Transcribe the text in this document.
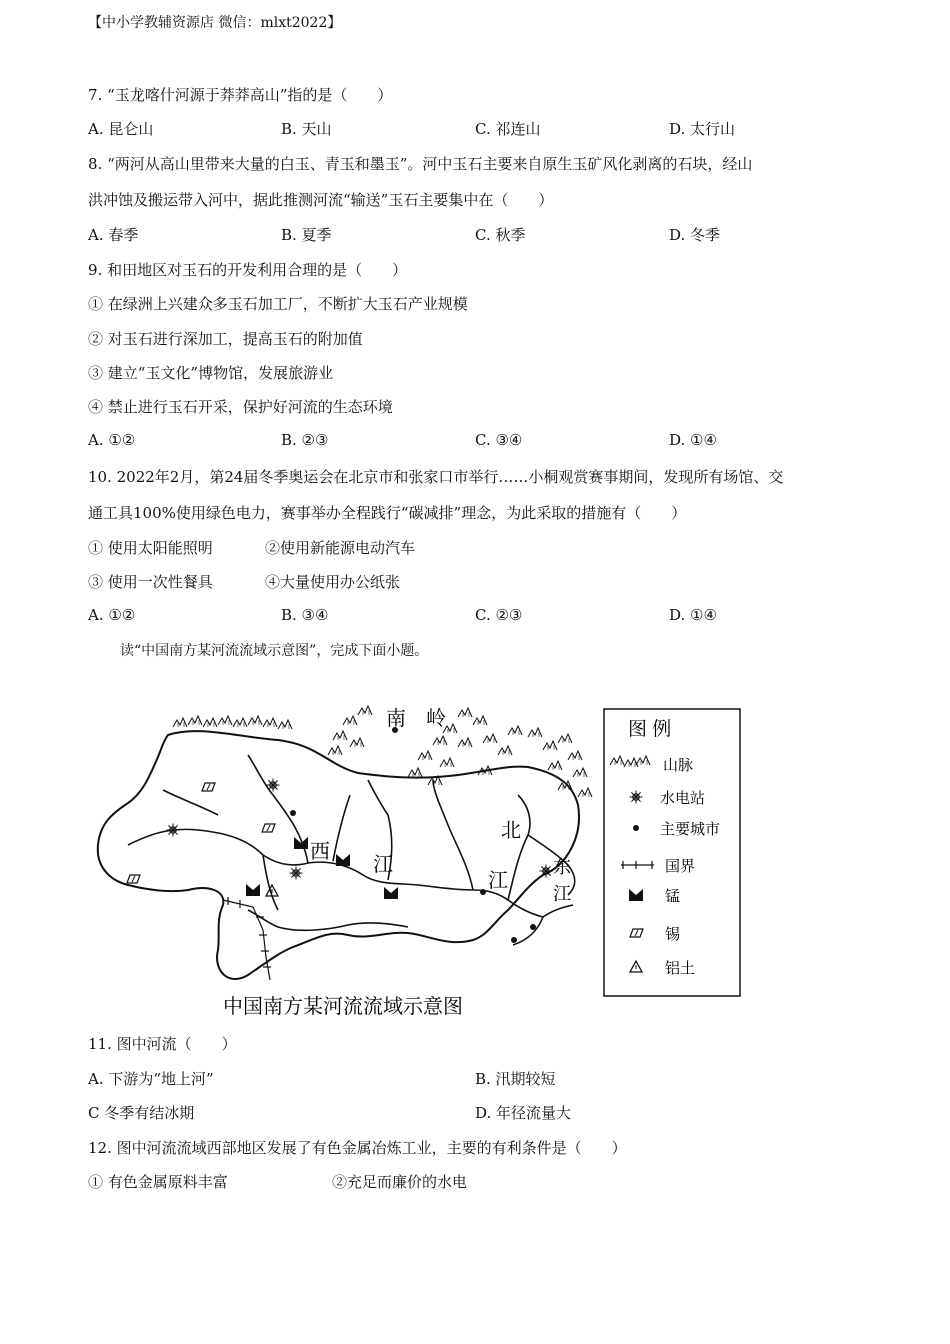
【中小学教辅资源店 微信：mlxt2022】
7. “玉龙喀什河源于莽莽高山”指的是（　　）
A. 昆仑山	B. 天山	C. 祁连山	D. 太行山
8. “两河从高山里带来大量的白玉、青玉和墨玉”。河中玉石主要来自原生玉矿风化剥离的石块，经山
洪冲蚀及搬运带入河中，据此推测河流“输送”玉石主要集中在（　　）
A. 春季	B. 夏季	C. 秋季	D. 冬季
9. 和田地区对玉石的开发利用合理的是（　　）
① 在绿洲上兴建众多玉石加工厂，不断扩大玉石产业规模
② 对玉石进行深加工，提高玉石的附加值
③ 建立“玉文化”博物馆，发展旅游业
④ 禁止进行玉石开采，保护好河流的生态环境
A. ①②	B. ②③	C. ③④	D. ①④
10. 2022年2月，第24届冬季奥运会在北京市和张家口市举行……小桐观赏赛事期间，发现所有场馆、交
通工具100%使用绿色电力，赛事举办全程践行“碳减排”理念，为此采取的措施有（　　）
① 使用太阳能照明	②使用新能源电动汽车
③ 使用一次性餐具	④大量使用办公纸张
A. ①②	B. ③④	C. ②③	D. ①④
读“中国南方某河流流域示意图”，完成下面小题。
南　岭
西
江
北
江
东
江
中国南方某河流流域示意图
图 例
山脉
水电站
主要城市
国界
锰
锡
铝土
11. 图中河流（　　）
A. 下游为“地上河”	B. 汛期较短
C 冬季有结冰期	D. 年径流量大
12. 图中河流流域西部地区发展了有色金属冶炼工业，主要的有利条件是（　　）
① 有色金属原料丰富	②充足而廉价的水电
